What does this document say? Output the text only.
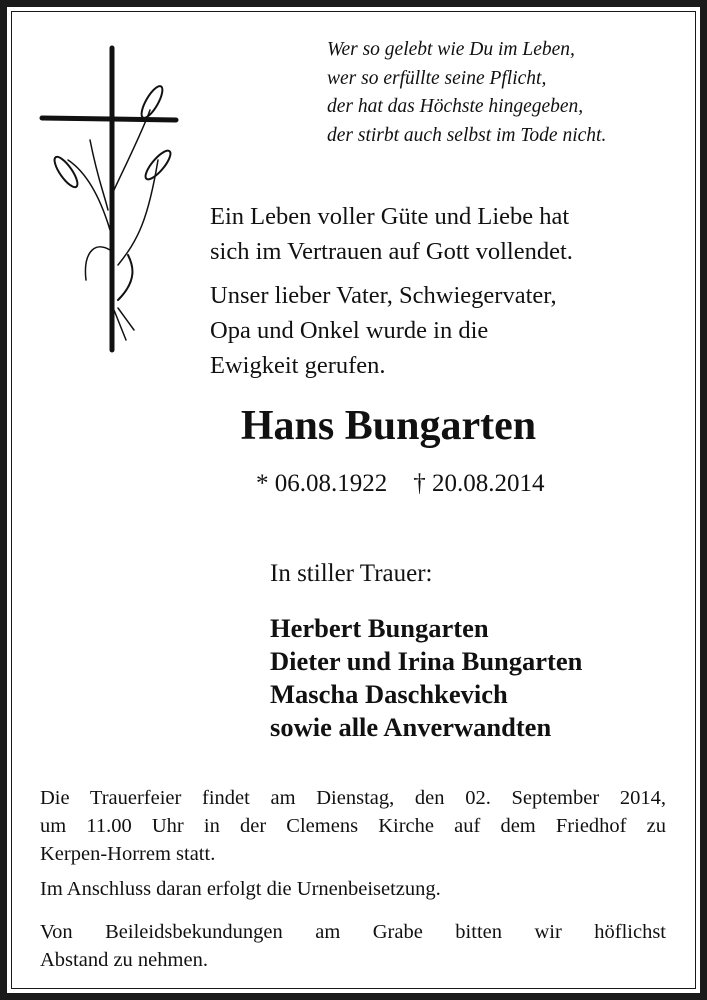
Wer so gelebt wie Du im Leben,
wer so erfüllte seine Pflicht,
der hat das Höchste hingegeben,
der stirbt auch selbst im Tode nicht.
Ein Leben voller Güte und Liebe hat
sich im Vertrauen auf Gott vollendet.
Unser lieber Vater, Schwiegervater,
Opa und Onkel wurde in die
Ewigkeit gerufen.
Hans Bungarten
* 06.08.1922 † 20.08.2014
In stiller Trauer:
Herbert Bungarten
Dieter und Irina Bungarten
Mascha Daschkevich
sowie alle Anverwandten

Die Trauerfeier findet am Dienstag, den 02. September 2014,

um 11.00 Uhr in der Clemens Kirche auf dem Friedhof zu

Kerpen-Horrem statt.

Im Anschluss daran erfolgt die Urnenbeisetzung.

Von Beileidsbekundungen am Grabe bitten wir höflichst

Abstand zu nehmen.
